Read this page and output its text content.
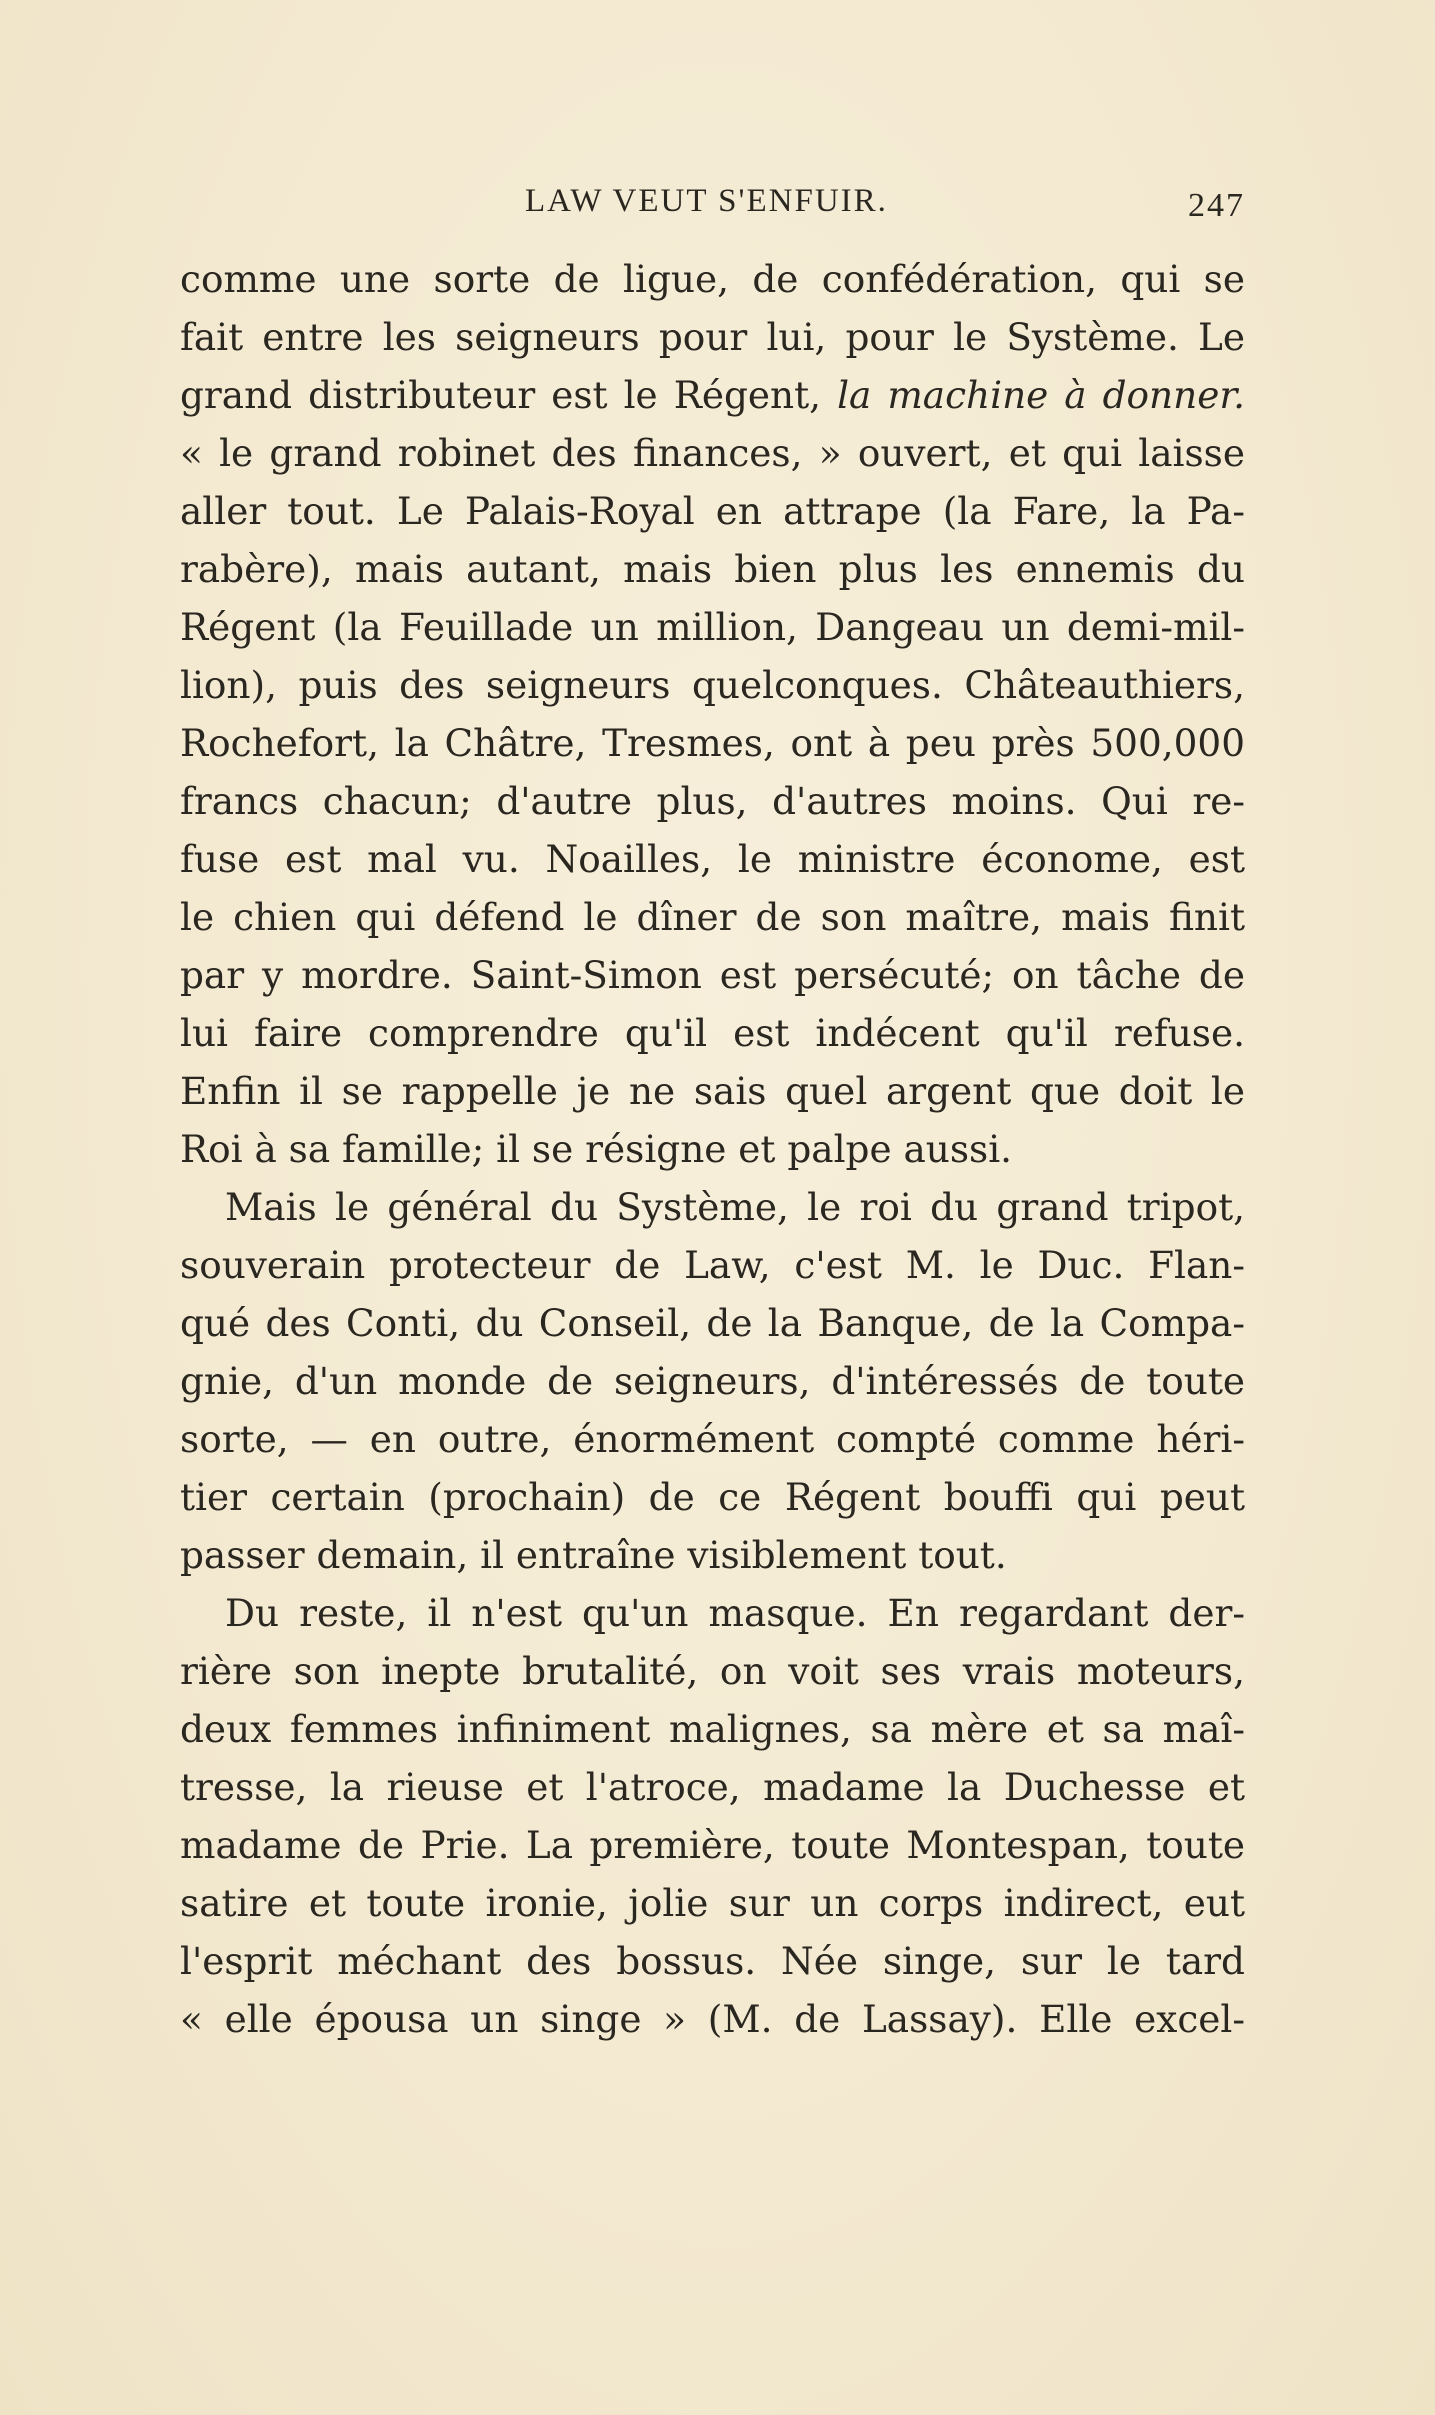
LAW VEUT S'ENFUIR.	247
comme une sorte de ligue, de confédération, qui se
fait entre les seigneurs pour lui, pour le Système. Le
grand distributeur est le Régent, la machine à donner.
« le grand robinet des finances, » ouvert, et qui laisse
aller tout. Le Palais-Royal en attrape (la Fare, la Pa-
rabère), mais autant, mais bien plus les ennemis du
Régent (la Feuillade un million, Dangeau un demi-mil-
lion), puis des seigneurs quelconques. Châteauthiers,
Rochefort, la Châtre, Tresmes, ont à peu près 500,000
francs chacun; d'autre plus, d'autres moins. Qui re-
fuse est mal vu. Noailles, le ministre économe, est
le chien qui défend le dîner de son maître, mais finit
par y mordre. Saint-Simon est persécuté; on tâche de
lui faire comprendre qu'il est indécent qu'il refuse.
Enfin il se rappelle je ne sais quel argent que doit le
Roi à sa famille; il se résigne et palpe aussi.
Mais le général du Système, le roi du grand tripot,
souverain protecteur de Law, c'est M. le Duc. Flan-
qué des Conti, du Conseil, de la Banque, de la Compa-
gnie, d'un monde de seigneurs, d'intéressés de toute
sorte, — en outre, énormément compté comme héri-
tier certain (prochain) de ce Régent bouffi qui peut
passer demain, il entraîne visiblement tout.
Du reste, il n'est qu'un masque. En regardant der-
rière son inepte brutalité, on voit ses vrais moteurs,
deux femmes infiniment malignes, sa mère et sa maî-
tresse, la rieuse et l'atroce, madame la Duchesse et
madame de Prie. La première, toute Montespan, toute
satire et toute ironie, jolie sur un corps indirect, eut
l'esprit méchant des bossus. Née singe, sur le tard
« elle épousa un singe » (M. de Lassay). Elle excel-
